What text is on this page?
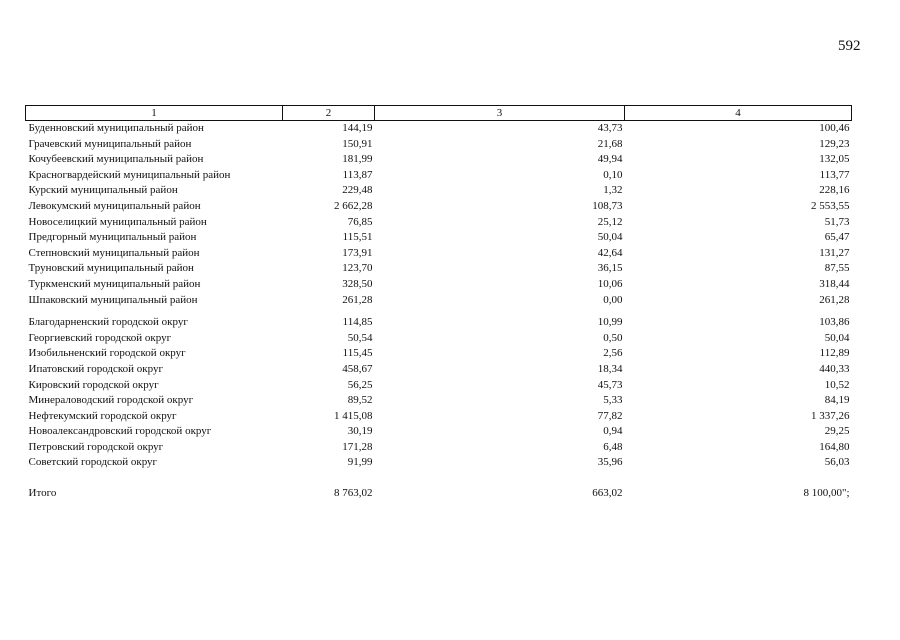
592
1	2	3	4
Буденновский муниципальный район	144,19	43,73	100,46
Грачевский муниципальный район	150,91	21,68	129,23
Кочубеевский муниципальный район	181,99	49,94	132,05
Красногвардейский муниципальный район	113,87	0,10	113,77
Курский муниципальный район	229,48	1,32	228,16
Левокумский муниципальный район	2 662,28	108,73	2 553,55
Новоселицкий муниципальный район	76,85	25,12	51,73
Предгорный муниципальный район	115,51	50,04	65,47
Степновский муниципальный район	173,91	42,64	131,27
Труновский муниципальный район	123,70	36,15	87,55
Туркменский муниципальный район	328,50	10,06	318,44
Шпаковский муниципальный район	261,28	0,00	261,28

Благодарненский городской округ	114,85	10,99	103,86
Георгиевский городской округ	50,54	0,50	50,04
Изобильненский городской округ	115,45	2,56	112,89
Ипатовский городской округ	458,67	18,34	440,33
Кировский городской округ	56,25	45,73	10,52
Минераловодский городской округ	89,52	5,33	84,19
Нефтекумский городской округ	1 415,08	77,82	1 337,26
Новоалександровский городской округ	30,19	0,94	29,25
Петровский городской округ	171,28	6,48	164,80
Советский городской округ	91,99	35,96	56,03

Итого	8 763,02	663,02	8 100,00";
